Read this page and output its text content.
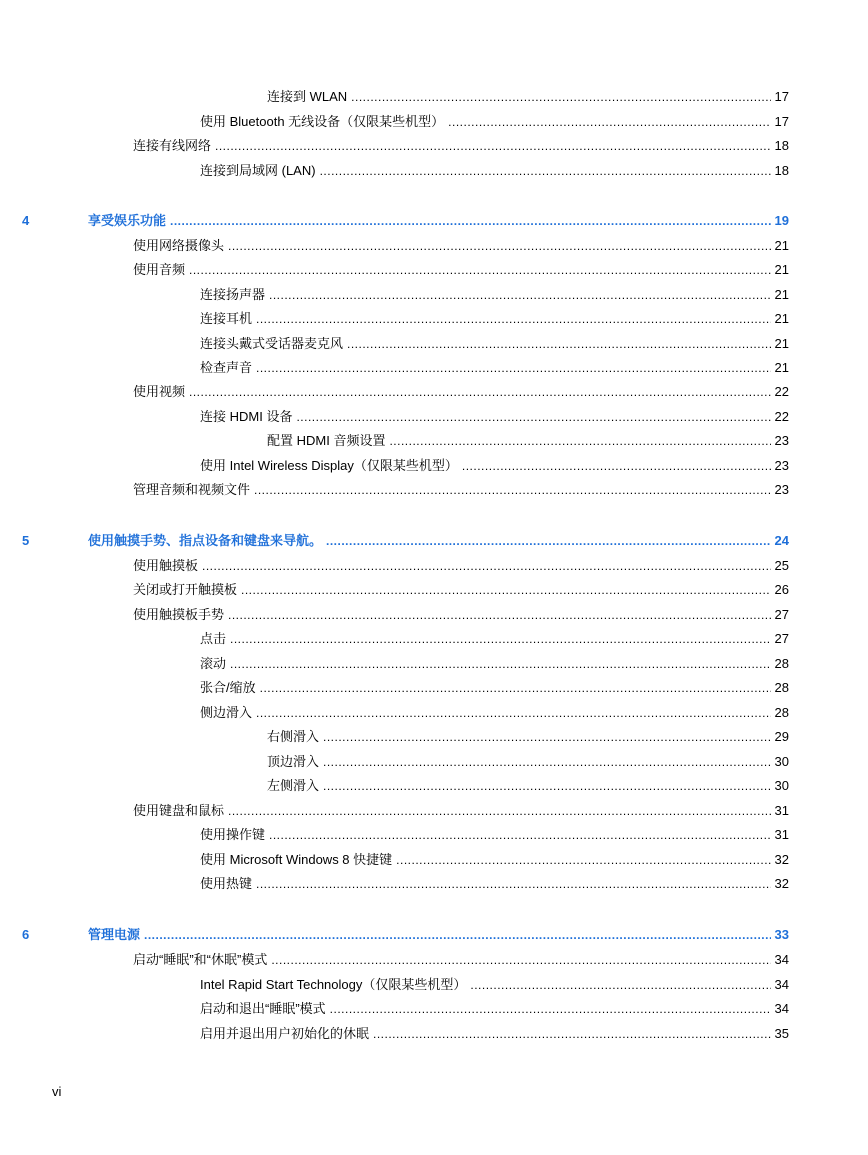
连接到 WLAN .....	17
使用 Bluetooth 无线设备（仅限某些机型） .....	17
连接有线网络 .....	18
连接到局域网 (LAN) .....	18
4	享受娱乐功能 .....	19
使用网络摄像头 .....	21
使用音频 .....	21
连接扬声器 .....	21
连接耳机 .....	21
连接头戴式受话器麦克风 .....	21
检查声音 .....	21
使用视频 .....	22
连接 HDMI 设备 .....	22
配置 HDMI 音频设置 .....	23
使用 Intel Wireless Display（仅限某些机型） .....	23
管理音频和视频文件 .....	23
5	使用触摸手势、指点设备和键盘来导航。 .....	24
使用触摸板 .....	25
关闭或打开触摸板 .....	26
使用触摸板手势 .....	27
点击 .....	27
滚动 .....	28
张合/缩放 .....	28
侧边滑入 .....	28
右侧滑入 .....	29
顶边滑入 .....	30
左侧滑入 .....	30
使用键盘和鼠标 .....	31
使用操作键 .....	31
使用 Microsoft Windows 8 快捷键 .....	32
使用热键 .....	32
6	管理电源 .....	33
启动“睡眠”和“休眠”模式 .....	34
Intel Rapid Start Technology（仅限某些机型） .....	34
启动和退出“睡眠”模式 .....	34
启用并退出用户初始化的休眠 .....	35
vi
